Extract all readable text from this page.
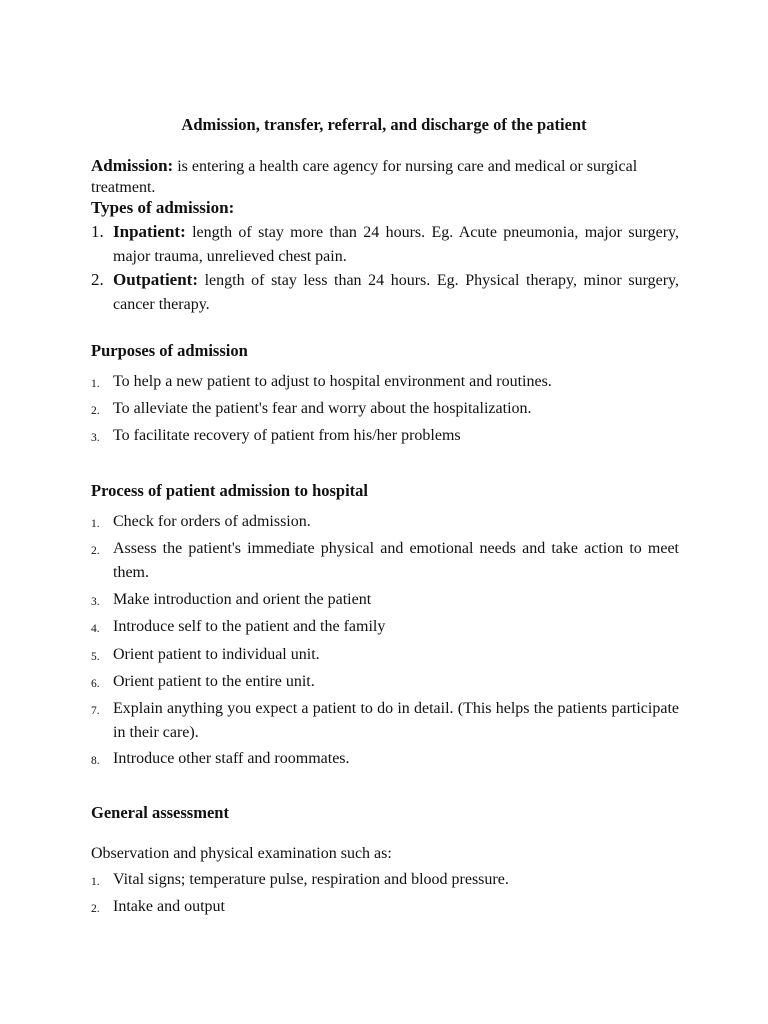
Admission, transfer, referral, and discharge of the patient
Admission: is entering a health care agency for nursing care and medical or surgical treatment.
Types of admission:
1. Inpatient: length of stay more than 24 hours. Eg. Acute pneumonia, major surgery, major trauma, unrelieved chest pain.
2. Outpatient: length of stay less than 24 hours. Eg. Physical therapy, minor surgery, cancer therapy.
Purposes of admission
1. To help a new patient to adjust to hospital environment and routines.
2. To alleviate the patient's fear and worry about the hospitalization.
3. To facilitate recovery of patient from his/her problems
Process of patient admission to hospital
1. Check for orders of admission.
2. Assess the patient's immediate physical and emotional needs and take action to meet them.
3. Make introduction and orient the patient
4. Introduce self to the patient and the family
5. Orient patient to individual unit.
6. Orient patient to the entire unit.
7. Explain anything you expect a patient to do in detail. (This helps the patients participate in their care).
8. Introduce other staff and roommates.
General assessment
Observation and physical examination such as:
1. Vital signs; temperature pulse, respiration and blood pressure.
2. Intake and output
